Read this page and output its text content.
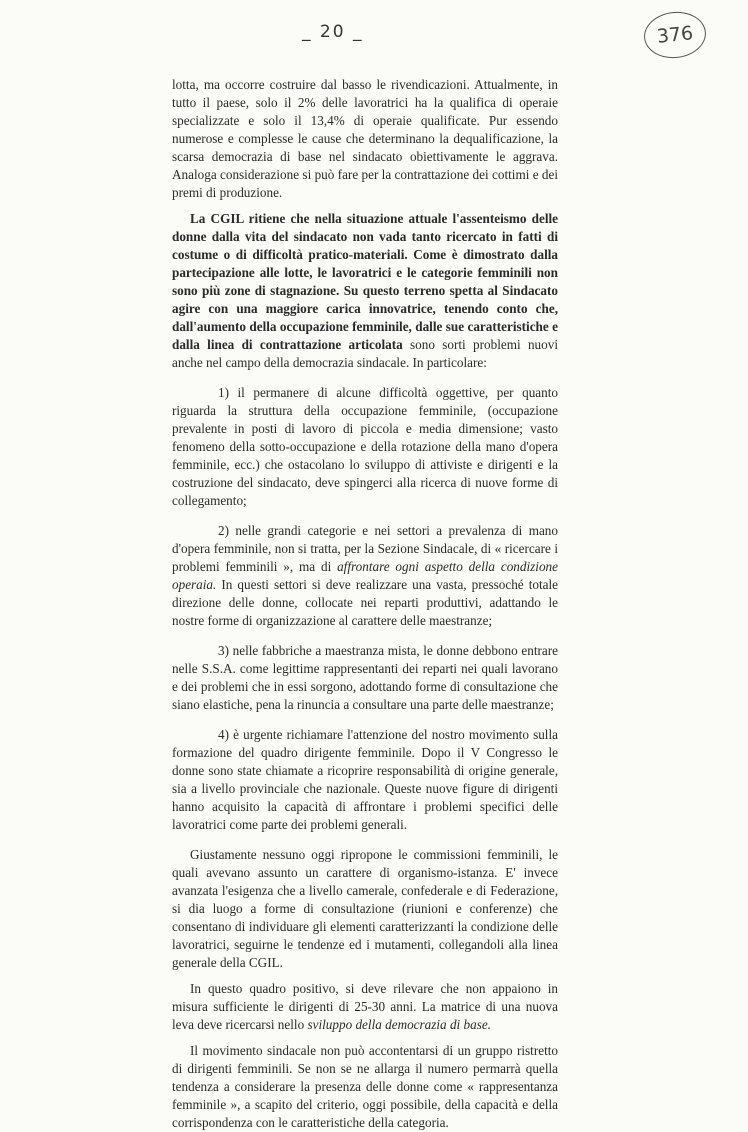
_ 20 _	376

lotta, ma occorre costruire dal basso le rivendicazioni. Attualmente, in tutto il paese, solo il 2% delle lavoratrici ha la qualifica di operaie specializzate e solo il 13,4% di operaie qualificate. Pur essendo numerose e complesse le cause che determinano la dequalificazione, la scarsa democrazia di base nel sindacato obiettivamente le aggrava. Analoga considerazione si può fare per la contrattazione dei cottimi e dei premi di produzione.

La CGIL ritiene che nella situazione attuale l'assenteismo delle donne dalla vita del sindacato non vada tanto ricercato in fatti di costume o di difficoltà pratico-materiali. Come è dimostrato dalla partecipazione alle lotte, le lavoratrici e le categorie femminili non sono più zone di stagnazione. Su questo terreno spetta al Sindacato agire con una maggiore carica innovatrice, tenendo conto che, dall'aumento della occupazione femminile, dalle sue caratteristiche e dalla linea di contrattazione articolata sono sorti problemi nuovi anche nel campo della democrazia sindacale. In particolare:

1) il permanere di alcune difficoltà oggettive, per quanto riguarda la struttura della occupazione femminile, (occupazione prevalente in posti di lavoro di piccola e media dimensione; vasto fenomeno della sotto-occupazione e della rotazione della mano d'opera femminile, ecc.) che ostacolano lo sviluppo di attiviste e dirigenti e la costruzione del sindacato, deve spingerci alla ricerca di nuove forme di collegamento;

2) nelle grandi categorie e nei settori a prevalenza di mano d'opera femminile, non si tratta, per la Sezione Sindacale, di « ricercare i problemi femminili », ma di affrontare ogni aspetto della condizione operaia. In questi settori si deve realizzare una vasta, pressoché totale direzione delle donne, collocate nei reparti produttivi, adattando le nostre forme di organizzazione al carattere delle maestranze;

3) nelle fabbriche a maestranza mista, le donne debbono entrare nelle S.S.A. come legittime rappresentanti dei reparti nei quali lavorano e dei problemi che in essi sorgono, adottando forme di consultazione che siano elastiche, pena la rinuncia a consultare una parte delle maestranze;

4) è urgente richiamare l'attenzione del nostro movimento sulla formazione del quadro dirigente femminile. Dopo il V Congresso le donne sono state chiamate a ricoprire responsabilità di origine generale, sia a livello provinciale che nazionale. Queste nuove figure di dirigenti hanno acquisito la capacità di affrontare i problemi specifici delle lavoratrici come parte dei problemi generali.

Giustamente nessuno oggi ripropone le commissioni femminili, le quali avevano assunto un carattere di organismo-istanza. E' invece avanzata l'esigenza che a livello camerale, confederale e di Federazione, si dia luogo a forme di consultazione (riunioni e conferenze) che consentano di individuare gli elementi caratterizzanti la condizione delle lavoratrici, seguirne le tendenze ed i mutamenti, collegandoli alla linea generale della CGIL.

In questo quadro positivo, si deve rilevare che non appaiono in misura sufficiente le dirigenti di 25-30 anni. La matrice di una nuova leva deve ricercarsi nello sviluppo della democrazia di base.

Il movimento sindacale non può accontentarsi di un gruppo ristretto di dirigenti femminili. Se non se ne allarga il numero permarrà quella tendenza a considerare la presenza delle donne come « rappresentanza femminile », a scapito del criterio, oggi possibile, della capacità e della corrispondenza con le caratteristiche della categoria.
